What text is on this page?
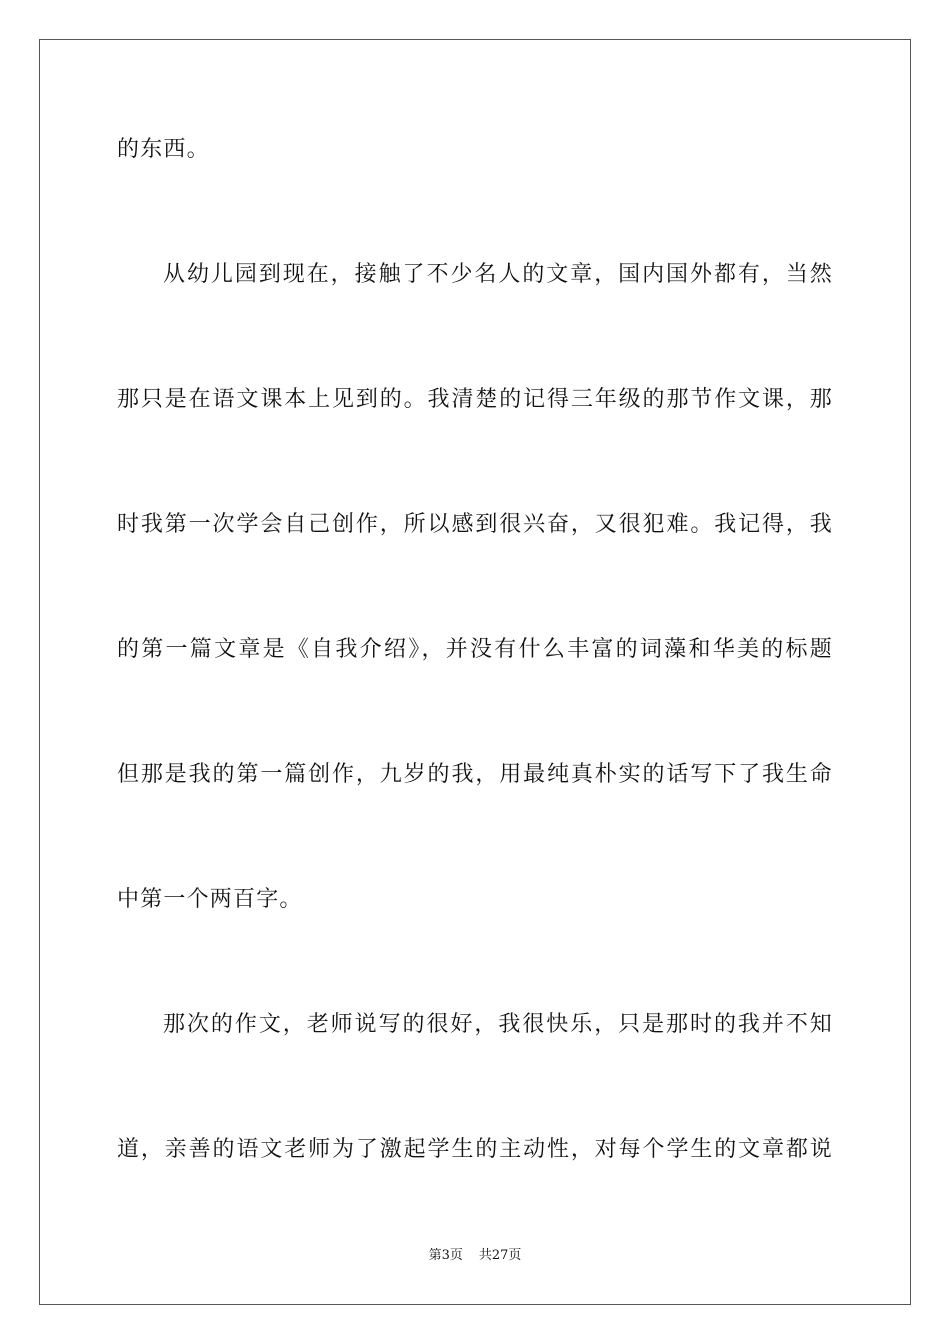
的东西。
从幼儿园到现在，接触了不少名人的文章，国内国外都有，当然
那只是在语文课本上见到的。我清楚的记得三年级的那节作文课，那
时我第一次学会自己创作，所以感到很兴奋，又很犯难。我记得，我
的第一篇文章是《自我介绍》，并没有什么丰富的词藻和华美的标题
但那是我的第一篇创作，九岁的我，用最纯真朴实的话写下了我生命
中第一个两百字。
那次的作文，老师说写的很好，我很快乐，只是那时的我并不知
道，亲善的语文老师为了激起学生的主动性，对每个学生的文章都说
第3页 共27页
